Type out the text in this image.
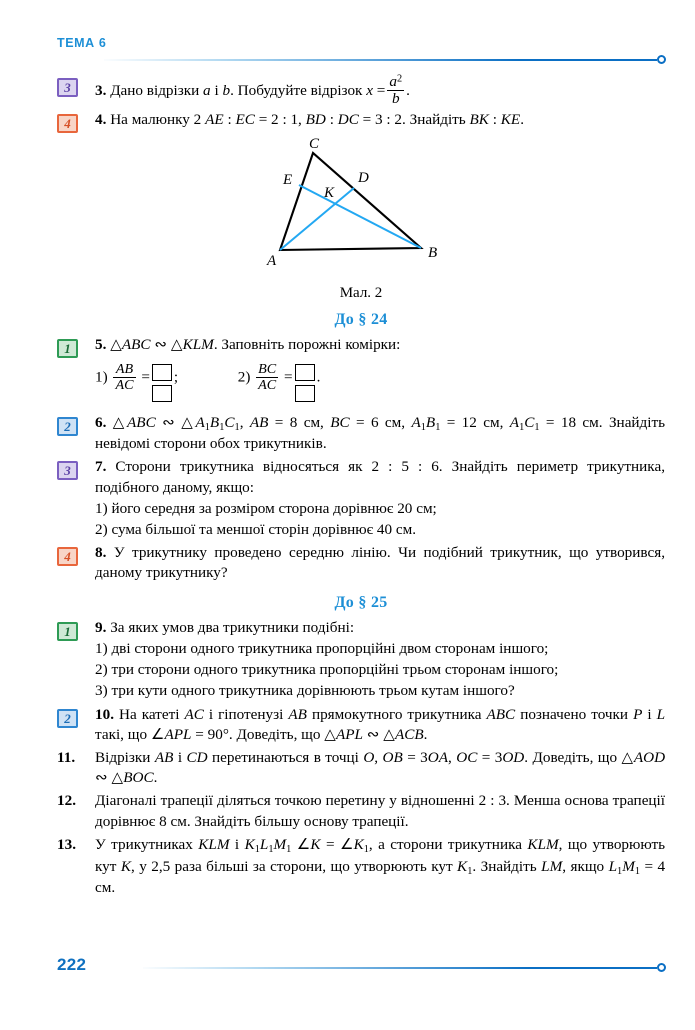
ТЕМА 6
3	3. Дано відрізки a і b. Побудуйте відрізок $x = \frac{a^2}{b}$ .

4	4. На малюнку 2 AE : EC = 2 : 1, BD : DC = 3 : 2. Знайдіть BK : KE.

C
A	B
E	D
K
Мал. 2
До § 24
1	5. △ABC ∾ △KLM. Заповніть порожні комірки:

$1) \frac{AB}{AC}$ = ;	$2) \frac{BC}{AC}$ = .

2	6. △ABC ∾ $\triangle A_1B_1C_1$, AB = 8 см, BC = 6 см, $A_1B_1 = 12$ см, $A_1C_1 = 18$ см. Знайдіть невідомі сторони обох трикутників.

3	7. Сторони трикутника відносяться як 2 : 5 : 6. Знайдіть периметр трикутника, подібного даному, якщо:

1) його середня за розміром сторона дорівнює 20 см;

2) сума більшої та меншої сторін дорівнює 40 см.

4	8. У трикутнику проведено середню лінію. Чи подібний трикутник, що утворився, даному трикутнику?

До § 25
1	9. За яких умов два трикутники подібні:

1) дві сторони одного трикутника пропорційні двом сторонам іншого;

2) три сторони одного трикутника пропорційні трьом сторонам іншого;

3) три кути одного трикутника дорівнюють трьом кутам іншого?

2	10. На катеті AC і гіпотенузі AB прямокутного трикутника ABC позначено точки P і L такі, що ∠APL = 90°. Доведіть, що △APL ∾ △ACB.

11.	Відрізки AB і CD перетинаються в точці O, OB = 3OA, OC = 3OD. Доведіть, що △AOD ∾ △BOC.

12.	Діагоналі трапеції діляться точкою перетину у відношенні 2 : 3. Менша основа трапеції дорівнює 8 см. Знайдіть більшу основу трапеції.

13.	У трикутниках KLM і $K_1L_1M_1$ ∠K = $\angle K_1$, а сторони трикутника KLM, що утворюють кут K, у 2,5 раза більші за сторони, що утворюють кут $K_1$. Знайдіть LM, якщо $L_1M_1 = 4$ см.

222
